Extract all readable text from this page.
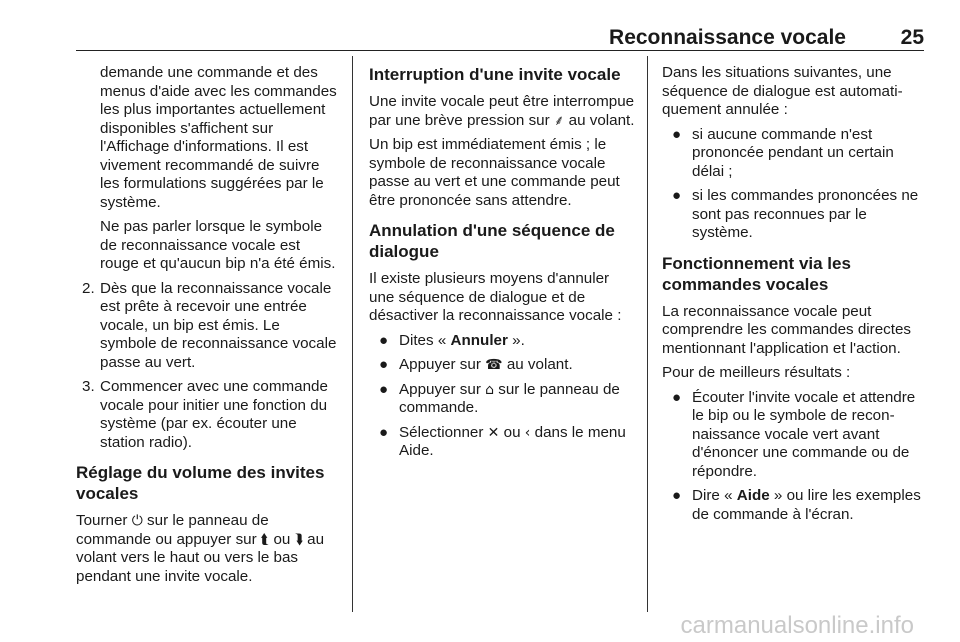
Reconnaissance vocale	25

demande une commande et des menus d'aide avec les commandes les plus importantes actuellement disponibles s'affichent sur l'Affichage d'informations. Il est vivement recommandé de suivre les formulations suggérées par le système.

Ne pas parler lorsque le symbole de reconnaissance vocale est rouge et qu'aucun bip n'a été émis.

2. Dès que la reconnaissance vocale est prête à recevoir une entrée vocale, un bip est émis. Le symbole de reconnaissance vocale passe au vert.
3. Commencer avec une commande vocale pour initier une fonction du système (par ex. écouter une station radio).
Réglage du volume des invites vocales

Tourner ⏻ sur le panneau de commande ou appuyer sur ⮬ ou ⮯ au volant vers le haut ou vers le bas pendant une invite vocale.

Interruption d'une invite vocale

Une invite vocale peut être interrompue par une brève pression sur ⸙ au volant.

Un bip est immédiatement émis ; le symbole de reconnaissance vocale passe au vert et une commande peut être prononcée sans attendre.

Annulation d'une séquence de dialogue

Il existe plusieurs moyens d'annuler une séquence de dialogue et de désactiver la reconnaissance vocale :

● Dites « Annuler ».
● Appuyer sur ☎ au volant.
● Appuyer sur ⌂ sur le panneau de commande.
● Sélectionner ✕ ou ‹ dans le menu Aide.

Dans les situations suivantes, une séquence de dialogue est automatiquement annulée :

● si aucune commande n'est prononcée pendant un certain délai ;
● si les commandes prononcées ne sont pas reconnues par le système.
Fonctionnement via les commandes vocales

La reconnaissance vocale peut comprendre les commandes directes mentionnant l'application et l'action.

Pour de meilleurs résultats :

● Écouter l'invite vocale et attendre le bip ou le symbole de reconnaissance vocale vert avant d'énoncer une commande ou de répondre.
● Dire « Aide » ou lire les exemples de commande à l'écran.
carmanualsonline.info
